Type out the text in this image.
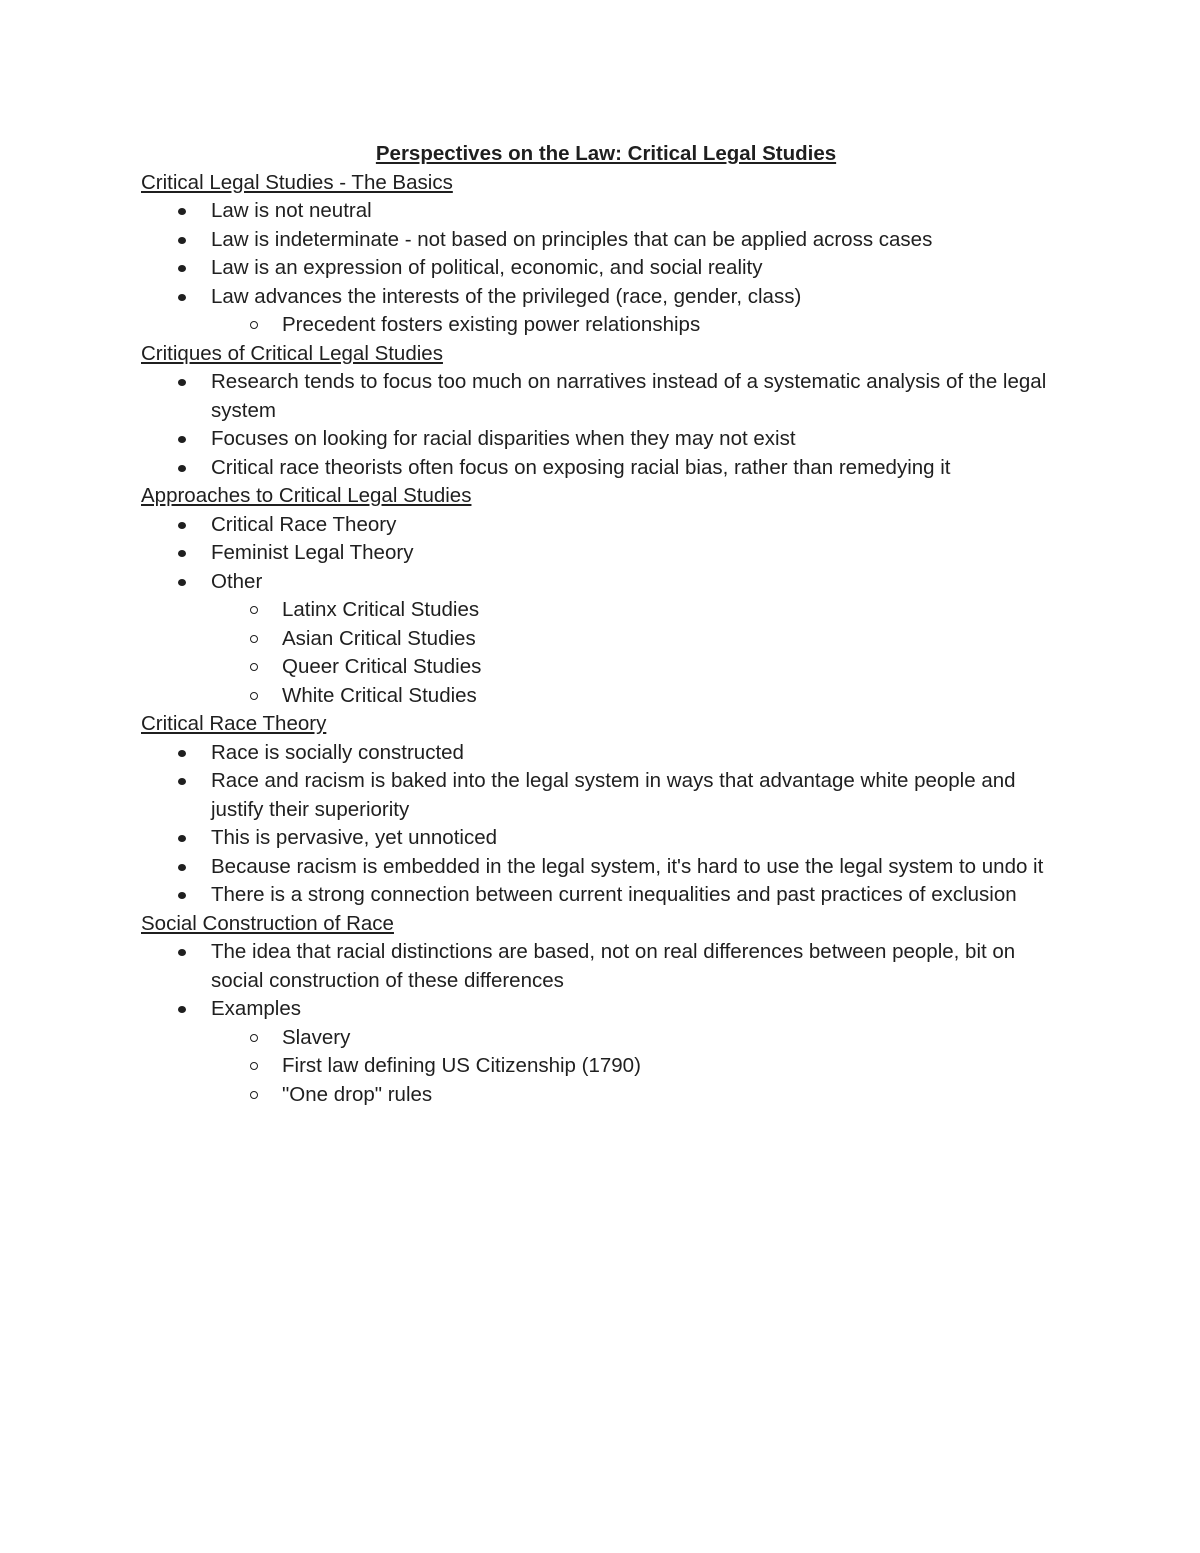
Perspectives on the Law: Critical Legal Studies

Critical Legal Studies - The Basics

Law is not neutral
Law is indeterminate - not based on principles that can be applied across cases
Law is an expression of political, economic, and social reality
Law advances the interests of the privileged (race, gender, class)
Precedent fosters existing power relationships

Critiques of Critical Legal Studies

Research tends to focus too much on narratives instead of a systematic analysis of the legal system
Focuses on looking for racial disparities when they may not exist
Critical race theorists often focus on exposing racial bias, rather than remedying it

Approaches to Critical Legal Studies

Critical Race Theory
Feminist Legal Theory
Other
Latinx Critical Studies
Asian Critical Studies
Queer Critical Studies
White Critical Studies

Critical Race Theory

Race is socially constructed
Race and racism is baked into the legal system in ways that advantage white people and justify their superiority
This is pervasive, yet unnoticed
Because racism is embedded in the legal system, it's hard to use the legal system to undo it
There is a strong connection between current inequalities and past practices of exclusion

Social Construction of Race

The idea that racial distinctions are based, not on real differences between people, bit on social construction of these differences
Examples
Slavery
First law defining US Citizenship (1790)
"One drop" rules
